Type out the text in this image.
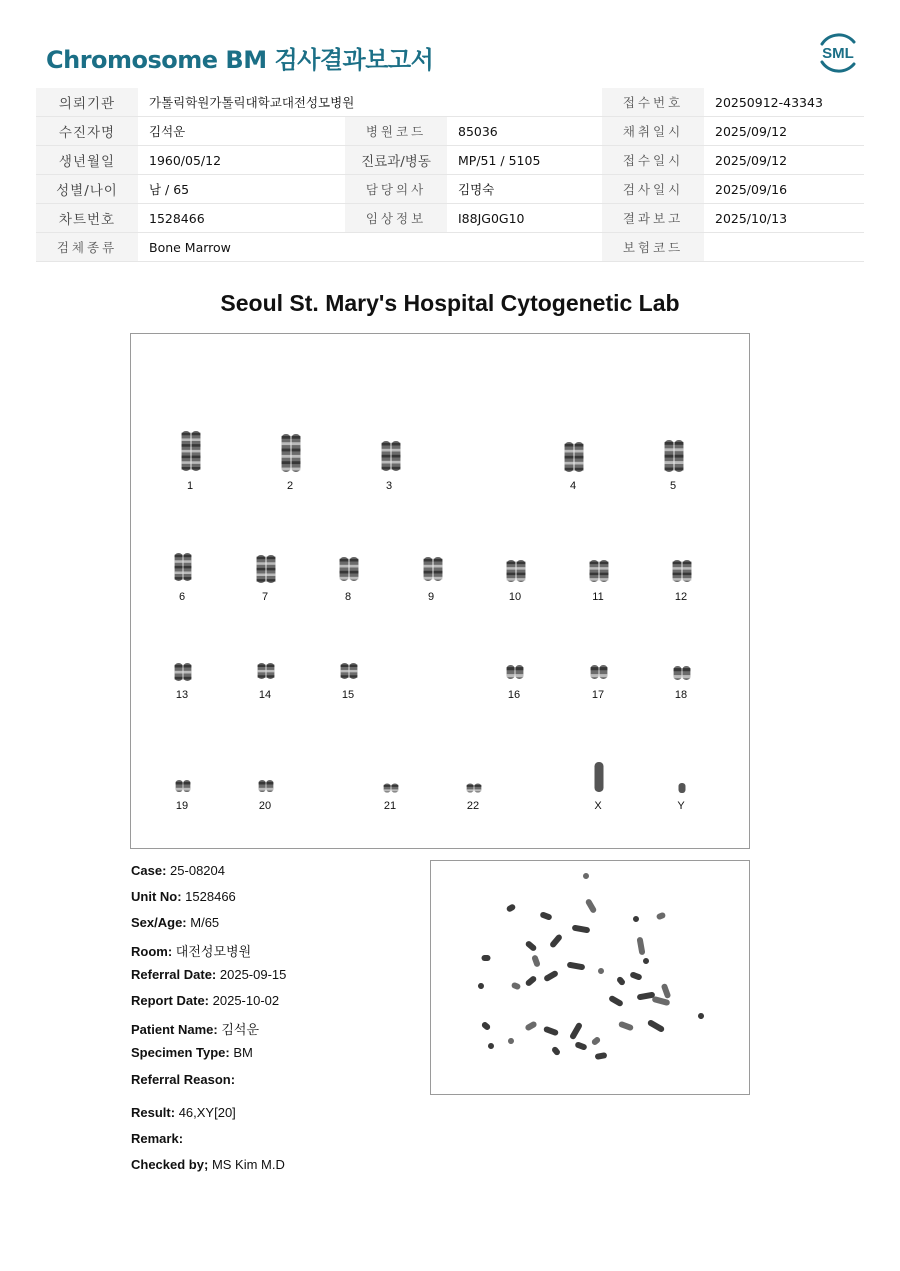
Chromosome BM 검사결과보고서	SML
의뢰기관	가톨릭학원가톨릭대학교대전성모병원			접수번호	20250912-43343
수진자명	김석운	병원코드	85036	채취일시	2025/09/12
생년월일	1960/05/12	진료과/병동	MP/51 / 5105	접수일시	2025/09/12
성별/나이	남 / 65	담당의사	김명숙	검사일시	2025/09/16
차트번호	1528466	임상정보	I88JG0G10	결과보고	2025/10/13
검체종류	Bone Marrow			보험코드	
Seoul St. Mary's Hospital Cytogenetic Lab
1	2	3	4	5
6	7	8	9	10	11	12
13	14	15	16	17	18
19	20	21	22	X	Y
Case: 25-08204
Unit No: 1528466
Sex/Age: M/65
Room: 대전성모병원
Referral Date: 2025-09-15
Report Date: 2025-10-02
Patient Name: 김석운
Specimen Type: BM
Referral Reason:
Result: 46,XY[20]
Remark:
Checked by; MS Kim M.D
